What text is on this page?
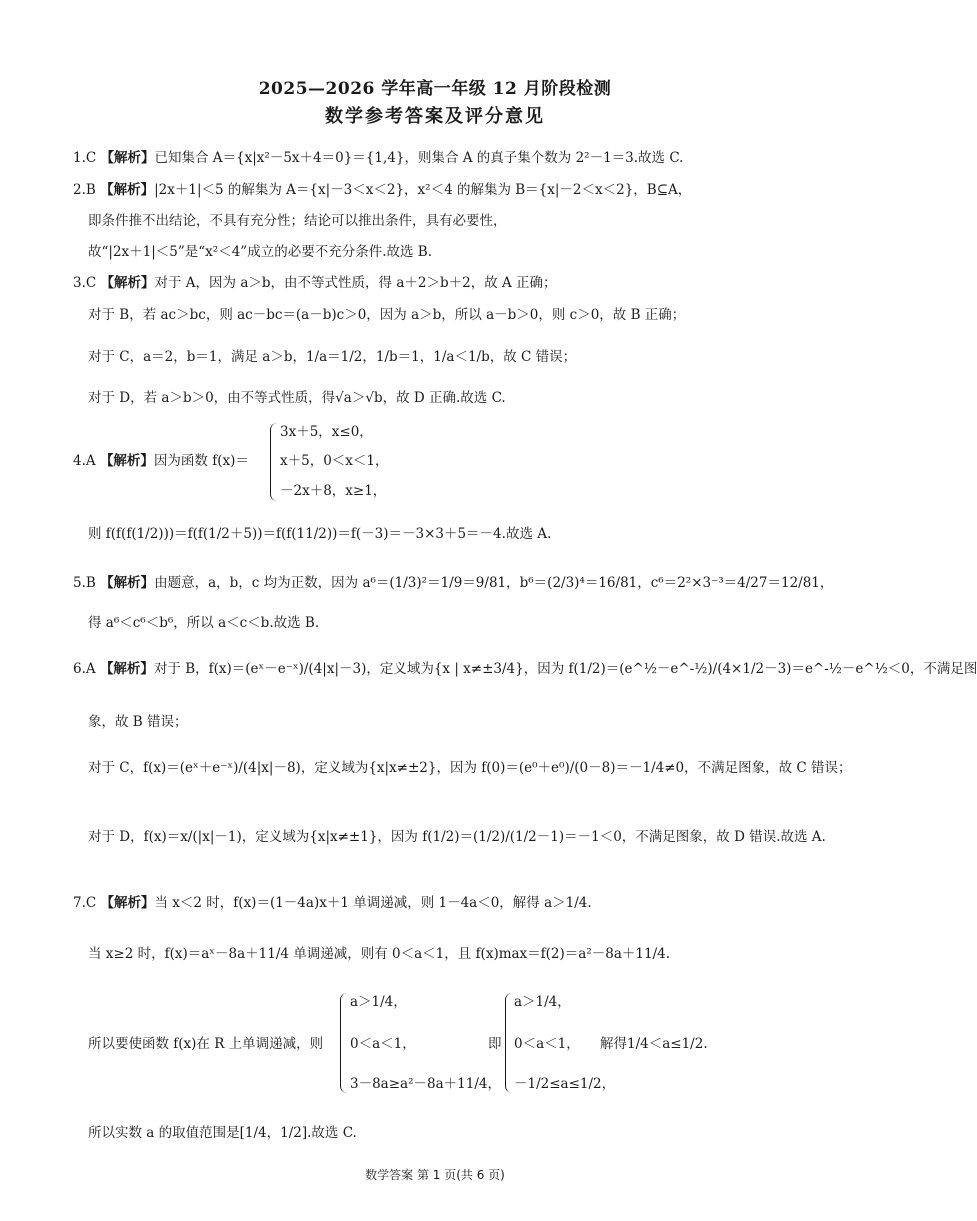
2025—2026 学年高一年级 12 月阶段检测
数学参考答案及评分意见
1.C 【解析】已知集合 A＝{x|x²－5x＋4＝0}＝{1,4}，则集合 A 的真子集个数为 2²－1＝3.故选 C.
2.B 【解析】|2x＋1|＜5 的解集为 A＝{x|－3＜x＜2}，x²＜4 的解集为 B＝{x|－2＜x＜2}，B⊆A，
即条件推不出结论，不具有充分性；结论可以推出条件，具有必要性，
故“|2x＋1|＜5”是“x²＜4”成立的必要不充分条件.故选 B.
3.C 【解析】对于 A，因为 a＞b，由不等式性质，得 a＋2＞b＋2，故 A 正确；
对于 B，若 ac＞bc，则 ac－bc＝(a－b)c＞0，因为 a＞b，所以 a－b＞0，则 c＞0，故 B 正确；
对于 C，a＝2，b＝1，满足 a＞b，1/a＝1/2，1/b＝1，1/a＜1/b，故 C 错误；
对于 D，若 a＞b＞0，由不等式性质，得√a＞√b，故 D 正确.故选 C.
4.A 【解析】因为函数 f(x)＝
3x＋5，x≤0，
x＋5，0＜x＜1，
－2x＋8，x≥1，
则 f(f(f(1/2)))＝f(f(1/2＋5))＝f(f(11/2))＝f(－3)＝－3×3＋5＝－4.故选 A.
5.B 【解析】由题意，a，b，c 均为正数，因为 a⁶＝(1/3)²＝1/9＝9/81，b⁶＝(2/3)⁴＝16/81，c⁶＝2²×3⁻³＝4/27＝12/81，
得 a⁶＜c⁶＜b⁶，所以 a＜c＜b.故选 B.
6.A 【解析】对于 B，f(x)＝(eˣ－e⁻ˣ)/(4|x|－3)，定义域为{x | x≠±3/4}，因为 f(1/2)＝(e^½－e^-½)/(4×1/2－3)＝e^-½－e^½＜0，不满足图
象，故 B 错误；
对于 C，f(x)＝(eˣ＋e⁻ˣ)/(4|x|－8)，定义域为{x|x≠±2}，因为 f(0)＝(e⁰＋e⁰)/(0－8)＝－1/4≠0，不满足图象，故 C 错误；
对于 D，f(x)＝x/(|x|－1)，定义域为{x|x≠±1}，因为 f(1/2)＝(1/2)/(1/2－1)＝－1＜0，不满足图象，故 D 错误.故选 A.
7.C 【解析】当 x＜2 时，f(x)＝(1－4a)x＋1 单调递减，则 1－4a＜0，解得 a＞1/4.
当 x≥2 时，f(x)＝aˣ－8a＋11/4 单调递减，则有 0＜a＜1，且 f(x)max＝f(2)＝a²－8a＋11/4.
所以要使函数 f(x)在 R 上单调递减，则
a＞1/4，
0＜a＜1，
3－8a≥a²－8a＋11/4，
即
a＞1/4，
0＜a＜1，
－1/2≤a≤1/2，
解得1/4＜a≤1/2.
所以实数 a 的取值范围是[1/4，1/2].故选 C.
数学答案 第 1 页(共 6 页)
